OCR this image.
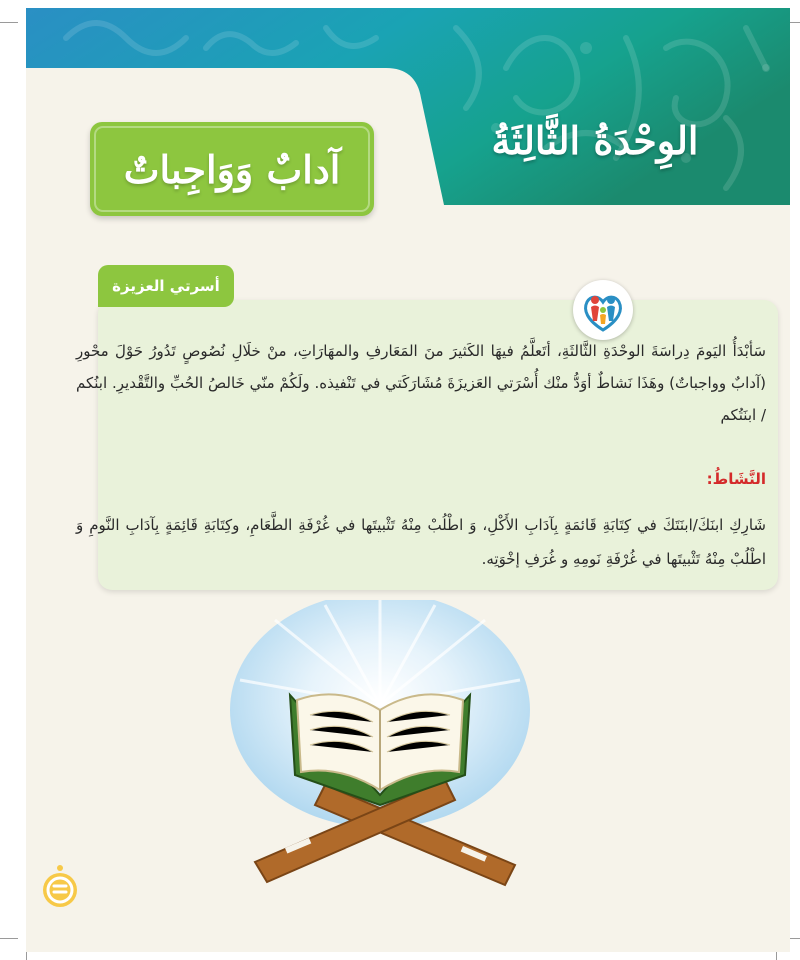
الوِحْدَةُ الثَّالِثَةُ
آدابٌ وَوَاجِباتٌ
أسرتي العزيزة

سَأبْدَأُ اليَومَ دِراسَةَ الوحْدَةِ الثَّالثَةِ، أتَعلَّمُ فيهَا الكَثيرَ منَ المَعَارفِ والمهَارَاتِ، منْ خلَالِ نُصُوصٍ تَدُورُ حَوْلَ محْورِ (آدابٌ وواجباتٌ) وهَذَا نَشاطٌ أوَدُّ منْك أُسْرَتي العَزيزَةَ مُشَارَكَتي في تَنْفيذه. ولَكُمْ منّي خَالصُ الحُبِّ والتَّقْديرِ. ابنُكم / ابنَتُكم

النَّشَاطُ:

شَارِكِ ابنَكَ/ابنَتَكَ في كِتَابَةِ قَائمَةٍ بِآدَابِ الأَكْلِ، وَ اطْلُبْ مِنْهُ تَثْبيتَها في غُرْفَةِ الطَّعَامِ، وكِتَابَةِ قَائِمَةٍ بِآدَابِ النَّومِ وَ اطْلُبْ مِنْهُ تَثْبيتَها في غُرْفَةِ نَومِهِ و غُرَفِ إخْوَتِه.
